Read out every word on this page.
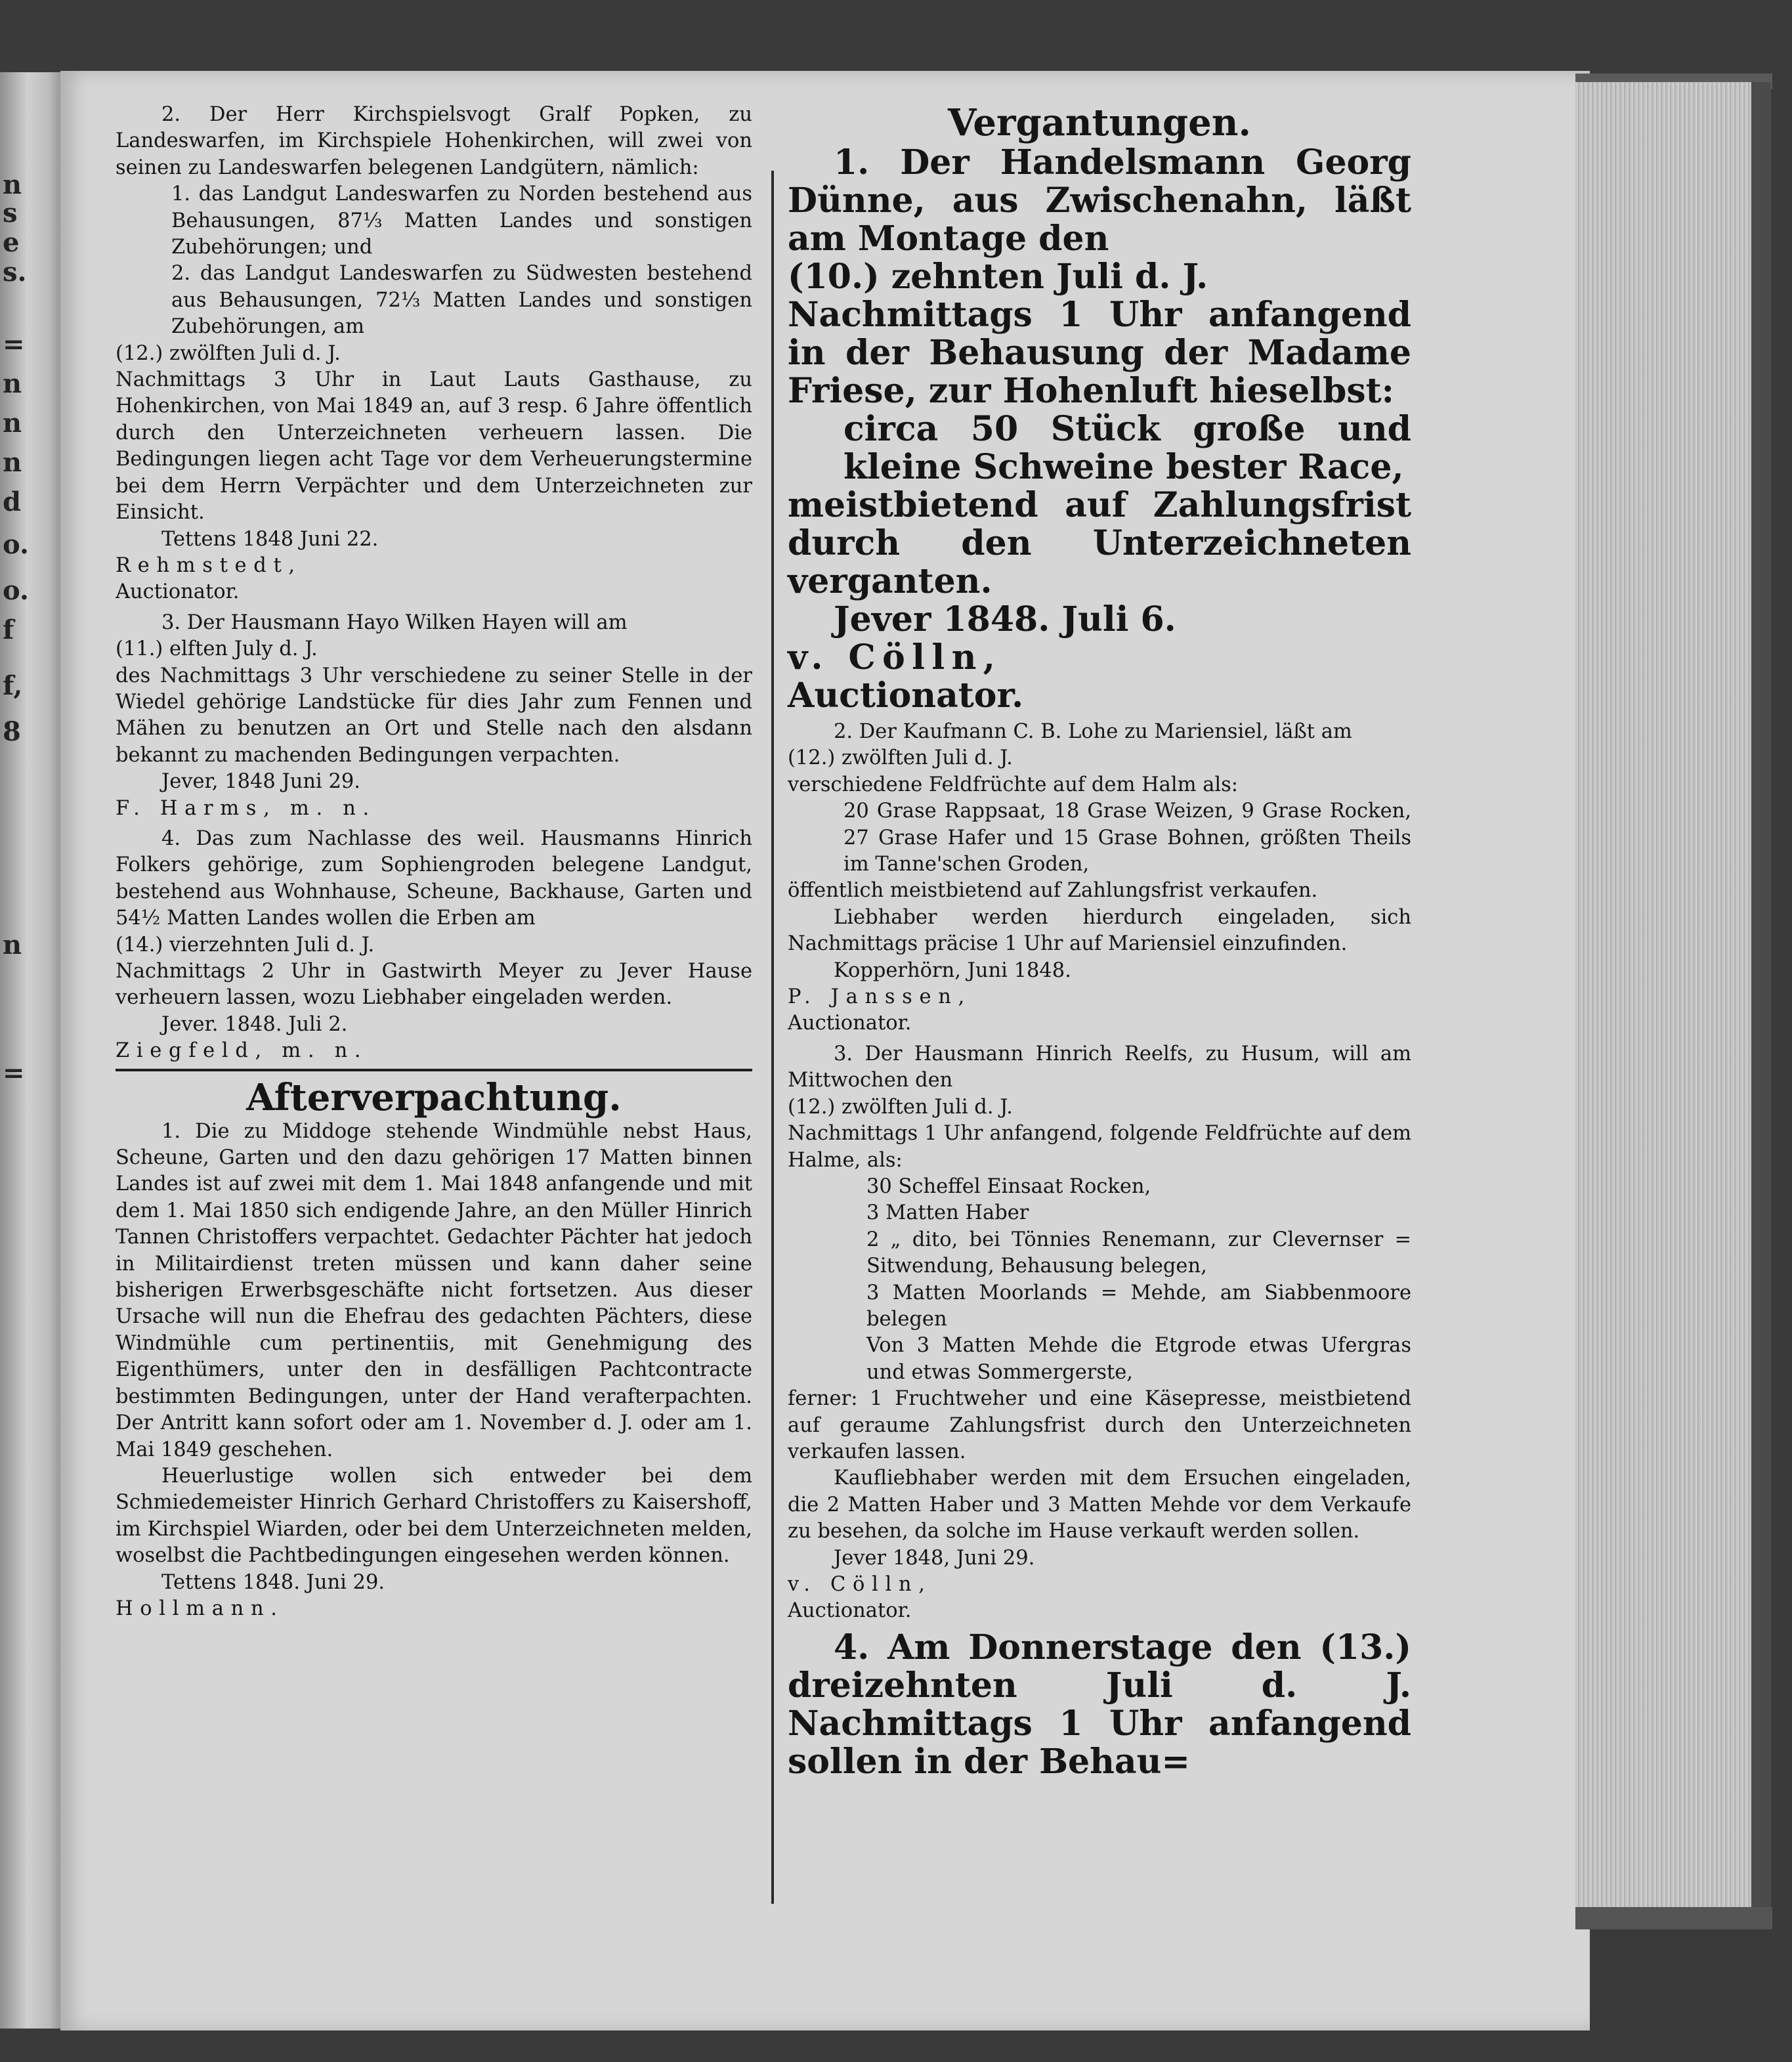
n
s
e
s.
=
n
n
n
d
o.
o.
f
f,
8
n
=

2. Der Herr Kirchspielsvogt Gralf Popken, zu Landeswarfen, im Kirchspiele Hohenkirchen, will zwei von seinen zu Landeswarfen belegenen Landgütern, nämlich:

1. das Landgut Landeswarfen zu Norden bestehend aus Behausungen, 87⅓ Matten Landes und sonstigen Zubehörungen; und

2. das Landgut Landeswarfen zu Südwesten bestehend aus Behausungen, 72⅓ Matten Landes und sonstigen Zubehörungen, am

(12.) zwölften Juli d. J.

Nachmittags 3 Uhr in Laut Lauts Gasthause, zu Hohenkirchen, von Mai 1849 an, auf 3 resp. 6 Jahre öffentlich durch den Unterzeichneten verheuern lassen. Die Bedingungen liegen acht Tage vor dem Verheuerungstermine bei dem Herrn Verpächter und dem Unterzeichneten zur Einsicht.

Tettens 1848 Juni 22.

Rehmstedt,

Auctionator.

3. Der Hausmann Hayo Wilken Hayen will am

(11.) elften July d. J.

des Nachmittags 3 Uhr verschiedene zu seiner Stelle in der Wiedel gehörige Landstücke für dies Jahr zum Fennen und Mähen zu benutzen an Ort und Stelle nach den alsdann bekannt zu machenden Bedingungen verpachten.

Jever, 1848 Juni 29.

F. Harms, m. n.

4. Das zum Nachlasse des weil. Hausmanns Hinrich Folkers gehörige, zum Sophiengroden belegene Landgut, bestehend aus Wohnhause, Scheune, Backhause, Garten und 54½ Matten Landes wollen die Erben am

(14.) vierzehnten Juli d. J.

Nachmittags 2 Uhr in Gastwirth Meyer zu Jever Hause verheuern lassen, wozu Liebhaber eingeladen werden.

Jever. 1848. Juli 2.

Ziegfeld, m. n.

Afterverpachtung.

1. Die zu Middoge stehende Windmühle nebst Haus, Scheune, Garten und den dazu gehörigen 17 Matten binnen Landes ist auf zwei mit dem 1. Mai 1848 anfangende und mit dem 1. Mai 1850 sich endigende Jahre, an den Müller Hinrich Tannen Christoffers verpachtet. Gedachter Pächter hat jedoch in Militairdienst treten müssen und kann daher seine bisherigen Erwerbsgeschäfte nicht fortsetzen. Aus dieser Ursache will nun die Ehefrau des gedachten Pächters, diese Windmühle cum pertinentiis, mit Genehmigung des Eigenthümers, unter den in desfälligen Pachtcontracte bestimmten Bedingungen, unter der Hand verafterpachten. Der Antritt kann sofort oder am 1. November d. J. oder am 1. Mai 1849 geschehen.

Heuerlustige wollen sich entweder bei dem Schmiedemeister Hinrich Gerhard Christoffers zu Kaisershoff, im Kirchspiel Wiarden, oder bei dem Unterzeichneten melden, woselbst die Pachtbedingungen eingesehen werden können.

Tettens 1848. Juni 29.

Hollmann.

Vergantungen.

1. Der Handelsmann Georg Dünne, aus Zwischenahn, läßt am Montage den

(10.) zehnten Juli d. J.

Nachmittags 1 Uhr anfangend in der Behausung der Madame Friese, zur Hohenluft hieselbst:

circa 50 Stück große und kleine Schweine bester Race,

meistbietend auf Zahlungsfrist durch den Unterzeichneten verganten.

Jever 1848. Juli 6.

v. Cölln,

Auctionator.

2. Der Kaufmann C. B. Lohe zu Mariensiel, läßt am

(12.) zwölften Juli d. J.

verschiedene Feldfrüchte auf dem Halm als:

20 Grase Rappsaat, 18 Grase Weizen, 9 Grase Rocken, 27 Grase Hafer und 15 Grase Bohnen, größten Theils im Tanne'schen Groden,

öffentlich meistbietend auf Zahlungsfrist verkaufen.

Liebhaber werden hierdurch eingeladen, sich Nachmittags präcise 1 Uhr auf Mariensiel einzufinden.

Kopperhörn, Juni 1848.

P. Janssen,

Auctionator.

3. Der Hausmann Hinrich Reelfs, zu Husum, will am Mittwochen den

(12.) zwölften Juli d. J.

Nachmittags 1 Uhr anfangend, folgende Feldfrüchte auf dem Halme, als:

30 Scheffel Einsaat Rocken,

3 Matten Haber

2 „ dito, bei Tönnies Renemann, zur Clevernser = Sitwendung, Behausung belegen,

3 Matten Moorlands = Mehde, am Siabbenmoore belegen

Von 3 Matten Mehde die Etgrode etwas Ufergras und etwas Sommergerste,

ferner: 1 Fruchtweher und eine Käsepresse, meistbietend auf geraume Zahlungsfrist durch den Unterzeichneten verkaufen lassen.

Kaufliebhaber werden mit dem Ersuchen eingeladen, die 2 Matten Haber und 3 Matten Mehde vor dem Verkaufe zu besehen, da solche im Hause verkauft werden sollen.

Jever 1848, Juni 29.

v. Cölln,

Auctionator.

4. Am Donnerstage den (13.) dreizehnten Juli d. J. Nachmittags 1 Uhr anfangend sollen in der Behau=
